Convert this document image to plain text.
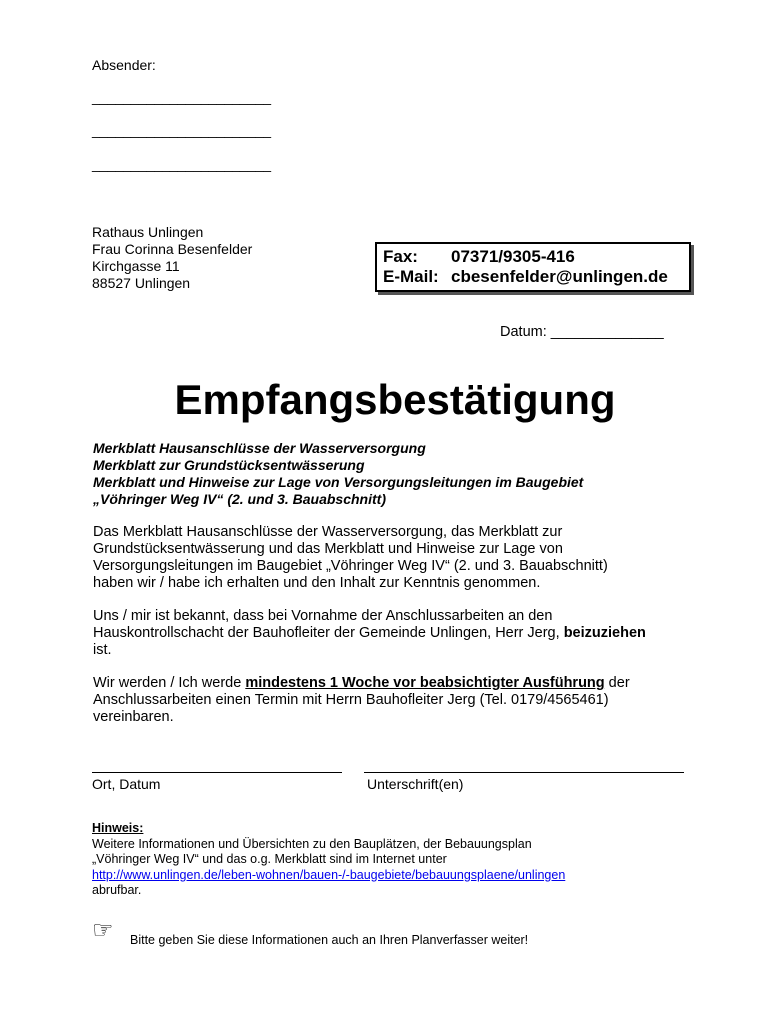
Absender:
_______________________
_______________________
_______________________
Rathaus Unlingen
Frau Corinna Besenfelder
Kirchgasse 11
88527 Unlingen
Fax:	07371/9305-416
E-Mail: cbesenfelder@unlingen.de
Datum: ______________
Empfangsbestätigung
Merkblatt Hausanschlüsse der Wasserversorgung
Merkblatt zur Grundstücksentwässerung
Merkblatt und Hinweise zur Lage von Versorgungsleitungen im Baugebiet
„Vöhringer Weg IV“ (2. und 3. Bauabschnitt)
Das Merkblatt Hausanschlüsse der Wasserversorgung, das Merkblatt zur
Grundstücksentwässerung und das Merkblatt und Hinweise zur Lage von
Versorgungsleitungen im Baugebiet „Vöhringer Weg IV“ (2. und 3. Bauabschnitt)
haben wir / habe ich erhalten und den Inhalt zur Kenntnis genommen.
Uns / mir ist bekannt, dass bei Vornahme der Anschlussarbeiten an den
Hauskontrollschacht der Bauhofleiter der Gemeinde Unlingen, Herr Jerg, beizuziehen
ist.
Wir werden / Ich werde mindestens 1 Woche vor beabsichtigter Ausführung der
Anschlussarbeiten einen Termin mit Herrn Bauhofleiter Jerg (Tel. 0179/4565461)
vereinbaren.
Ort, Datum	Unterschrift(en)
Hinweis:
Weitere Informationen und Übersichten zu den Bauplätzen, der Bebauungsplan
„Vöhringer Weg IV“ und das o.g. Merkblatt sind im Internet unter
http://www.unlingen.de/leben-wohnen/bauen-/-baugebiete/bebauungsplaene/unlingen
abrufbar.
☞ Bitte geben Sie diese Informationen auch an Ihren Planverfasser weiter!
